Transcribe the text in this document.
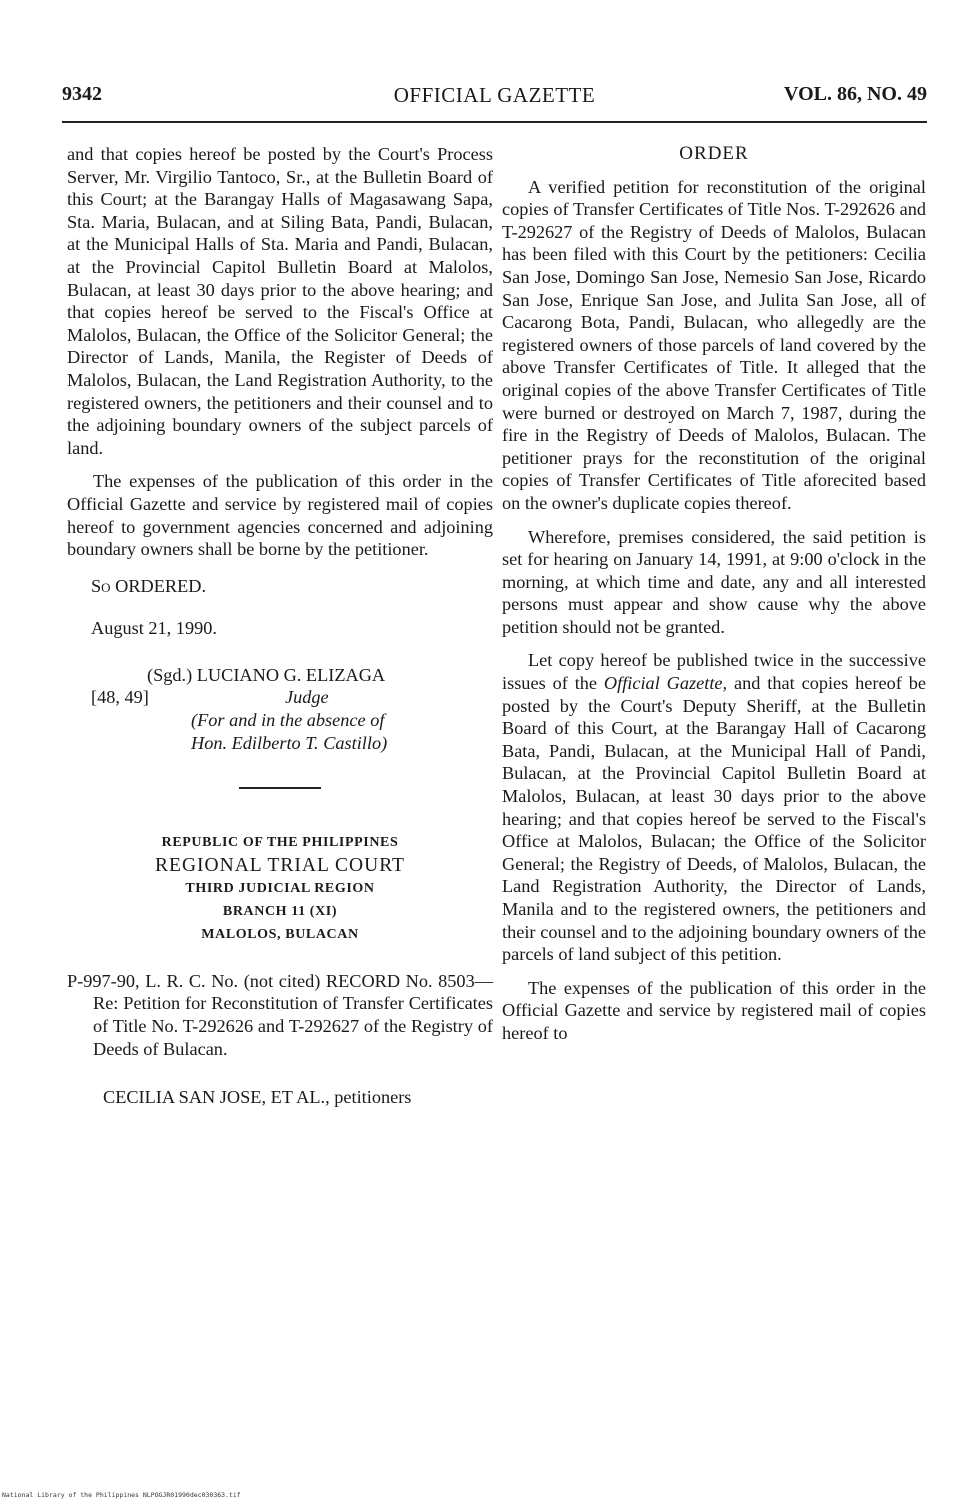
9342	OFFICIAL GAZETTE	VOL. 86, NO. 49

and that copies hereof be posted by the Court's Process Server, Mr. Virgilio Tantoco, Sr., at the Bulletin Board of this Court; at the Barangay Halls of Magasawang Sapa, Sta. Maria, Bulacan, and at Siling Bata, Pandi, Bulacan, at the Municipal Halls of Sta. Maria and Pandi, Bulacan, at the Provincial Capitol Bulletin Board at Malolos, Bulacan, at least 30 days prior to the above hearing; and that copies hereof be served to the Fiscal's Office at Malolos, Bulacan, the Office of the Solicitor General; the Director of Lands, Manila, the Register of Deeds of Malolos, Bulacan, the Land Registration Authority, to the registered owners, the petitioners and their counsel and to the adjoining boundary owners of the subject parcels of land.

The expenses of the publication of this order in the Official Gazette and service by registered mail of copies hereof to government agencies concerned and adjoining boundary owners shall be borne by the petitioner.

So ORDERED.

August 21, 1990.

(Sgd.) LUCIANO G. ELIZAGA
[48, 49]	Judge
(For and in the absence of
Hon. Edilberto T. Castillo)
REPUBLIC OF THE PHILIPPINES
REGIONAL TRIAL COURT
THIRD JUDICIAL REGION
BRANCH 11 (XI)
MALOLOS, BULACAN

P-997-90, L. R. C. No. (not cited) RECORD No. 8503—Re: Petition for Reconstitution of Transfer Certificates of Title No. T-292626 and T-292627 of the Registry of Deeds of Bulacan.

CECILIA SAN JOSE, ET AL., petitioners

ORDER

A verified petition for reconstitution of the original copies of Transfer Certificates of Title Nos. T-292626 and T-292627 of the Registry of Deeds of Malolos, Bulacan has been filed with this Court by the petitioners: Cecilia San Jose, Domingo San Jose, Nemesio San Jose, Ricardo San Jose, Enrique San Jose, and Julita San Jose, all of Cacarong Bota, Pandi, Bulacan, who allegedly are the registered owners of those parcels of land covered by the above Transfer Certificates of Title. It alleged that the original copies of the above Transfer Certificates of Title were burned or destroyed on March 7, 1987, during the fire in the Registry of Deeds of Malolos, Bulacan. The petitioner prays for the reconstitution of the original copies of Transfer Certificates of Title aforecited based on the owner's duplicate copies thereof.

Wherefore, premises considered, the said petition is set for hearing on January 14, 1991, at 9:00 o'clock in the morning, at which time and date, any and all interested persons must appear and show cause why the above petition should not be granted.

Let copy hereof be published twice in the successive issues of the Official Gazette, and that copies hereof be posted by the Court's Deputy Sheriff, at the Bulletin Board of this Court, at the Barangay Hall of Cacarong Bata, Pandi, Bulacan, at the Municipal Hall of Pandi, Bulacan, at the Provincial Capitol Bulletin Board at Malolos, Bulacan, at least 30 days prior to the above hearing; and that copies hereof be served to the Fiscal's Office at Malolos, Bulacan; the Office of the Solicitor General; the Registry of Deeds, of Malolos, Bulacan, the Land Registration Authority, the Director of Lands, Manila and to the registered owners, the petitioners and their counsel and to the adjoining boundary owners of the parcels of land subject of this petition.

The expenses of the publication of this order in the Official Gazette and service by registered mail of copies hereof to

National Library of the Philippines NLPOGJR01990dec030363.tif
